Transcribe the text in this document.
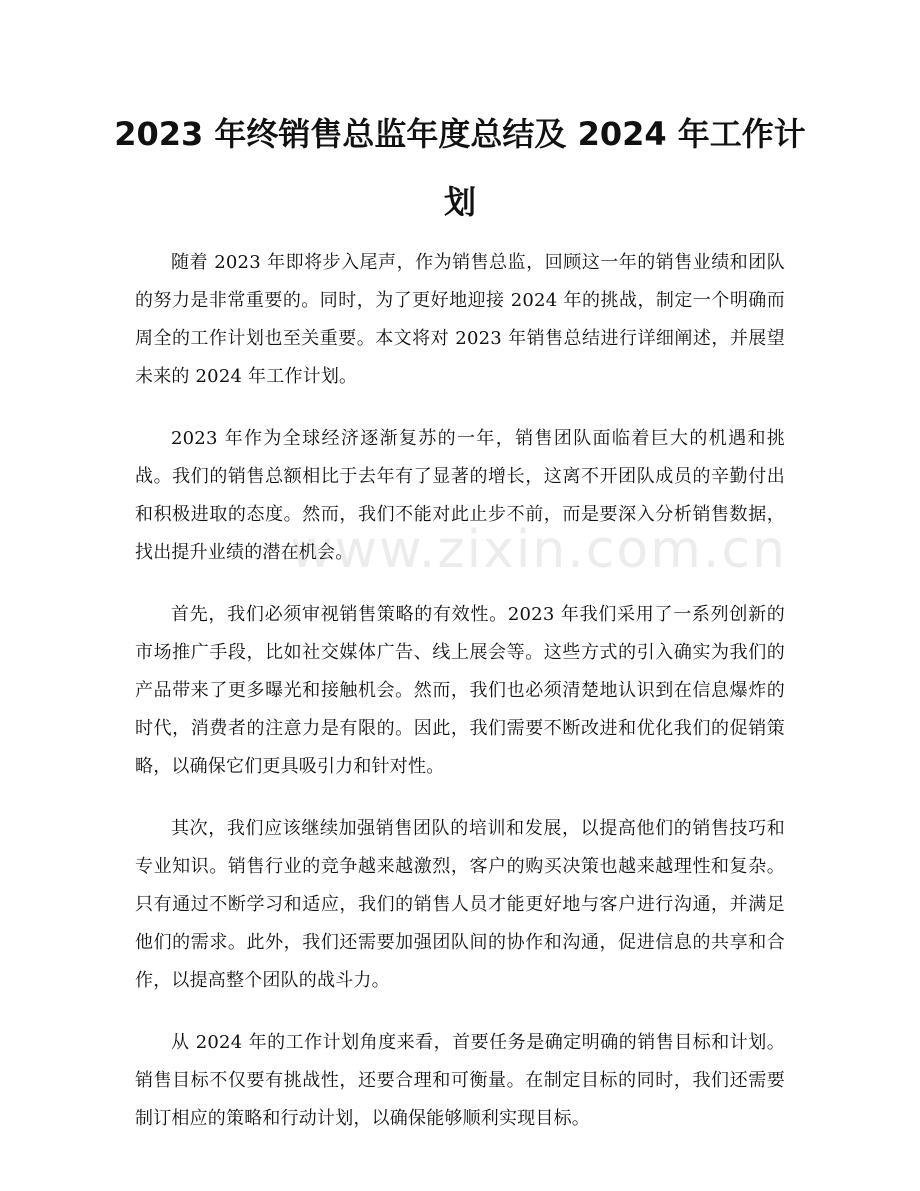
2023 年终销售总监年度总结及 2024 年工作计划
www.zixin.com.cn

随着 2023 年即将步入尾声，作为销售总监，回顾这一年的销售业绩和团队的努力是非常重要的。同时，为了更好地迎接 2024 年的挑战，制定一个明确而周全的工作计划也至关重要。本文将对 2023 年销售总结进行详细阐述，并展望未来的 2024 年工作计划。

2023 年作为全球经济逐渐复苏的一年，销售团队面临着巨大的机遇和挑战。我们的销售总额相比于去年有了显著的增长，这离不开团队成员的辛勤付出和积极进取的态度。然而，我们不能对此止步不前，而是要深入分析销售数据，找出提升业绩的潜在机会。

首先，我们必须审视销售策略的有效性。2023 年我们采用了一系列创新的市场推广手段，比如社交媒体广告、线上展会等。这些方式的引入确实为我们的产品带来了更多曝光和接触机会。然而，我们也必须清楚地认识到在信息爆炸的时代，消费者的注意力是有限的。因此，我们需要不断改进和优化我们的促销策略，以确保它们更具吸引力和针对性。

其次，我们应该继续加强销售团队的培训和发展，以提高他们的销售技巧和专业知识。销售行业的竞争越来越激烈，客户的购买决策也越来越理性和复杂。只有通过不断学习和适应，我们的销售人员才能更好地与客户进行沟通，并满足他们的需求。此外，我们还需要加强团队间的协作和沟通，促进信息的共享和合作，以提高整个团队的战斗力。

从 2024 年的工作计划角度来看，首要任务是确定明确的销售目标和计划。销售目标不仅要有挑战性，还要合理和可衡量。在制定目标的同时，我们还需要制订相应的策略和行动计划，以确保能够顺利实现目标。
